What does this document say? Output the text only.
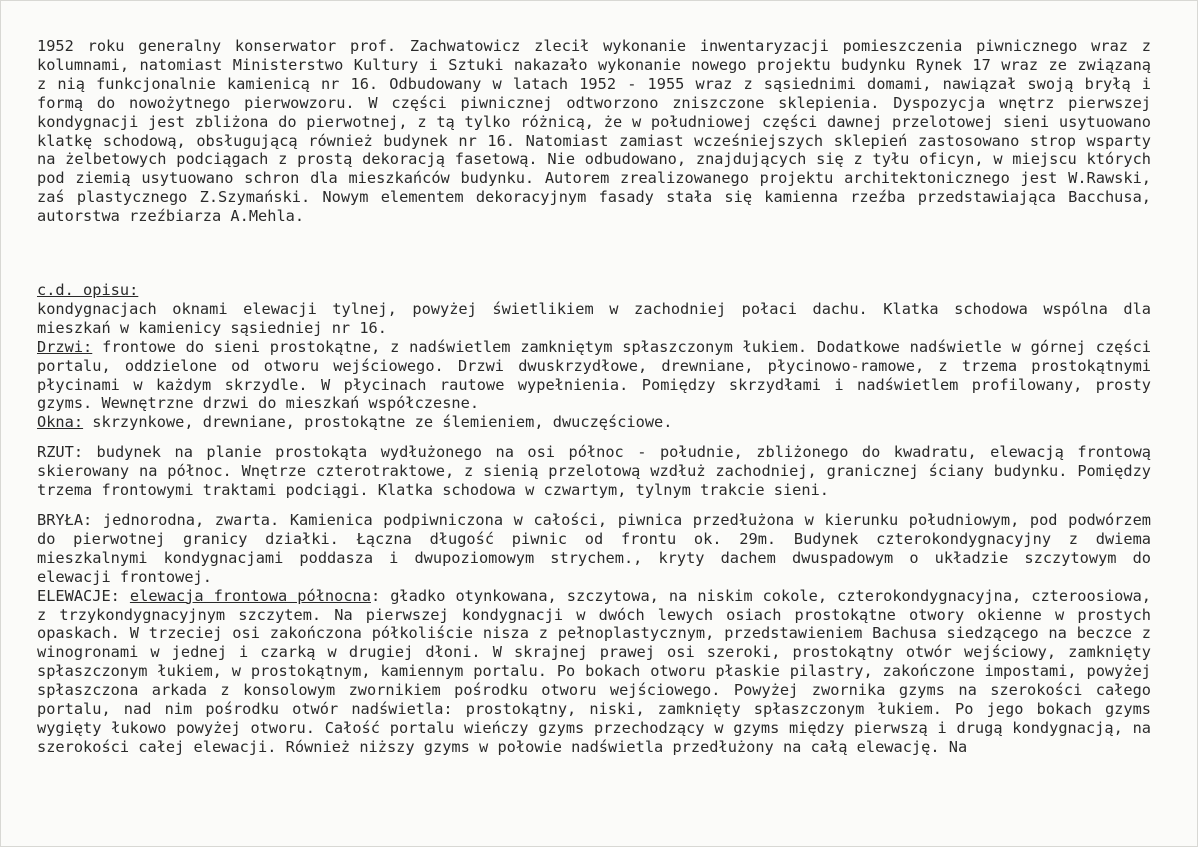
1952 roku generalny konserwator prof. Zachwatowicz zlecił wykonanie inwentaryzacji pomieszczenia piwnicznego wraz z kolumnami, natomiast Ministerstwo Kultury i Sztuki nakazało wykonanie nowego projektu budynku Rynek 17 wraz ze związaną z nią funkcjonalnie kamienicą nr 16. Odbudowany w latach 1952 - 1955 wraz z sąsiednimi domami, nawiązał swoją bryłą i formą do nowożytnego pierwowzoru. W części piwnicznej odtworzono zniszczone sklepienia. Dyspozycja wnętrz pierwszej kondygnacji jest zbliżona do pierwotnej, z tą tylko różnicą, że w południowej części dawnej przelotowej sieni usytuowano klatkę schodową, obsługującą również budynek nr 16. Natomiast zamiast wcześniejszych sklepień zastosowano strop wsparty na żelbetowych podciągach z prostą dekoracją fasetową. Nie odbudowano, znajdujących się z tyłu oficyn, w miejscu których pod ziemią usytuowano schron dla mieszkańców budynku. Autorem zrealizowanego projektu architektonicznego jest W.Rawski, zaś plastycznego Z.Szymański. Nowym elementem dekoracyjnym fasady stała się kamienna rzeźba przedstawiająca Bacchusa, autorstwa rzeźbiarza A.Mehla.

c.d. opisu:

kondygnacjach oknami elewacji tylnej, powyżej świetlikiem w zachodniej połaci dachu. Klatka schodowa wspólna dla mieszkań w kamienicy sąsiedniej nr 16.

Drzwi: frontowe do sieni prostokątne, z nadświetlem zamkniętym spłaszczonym łukiem. Dodatkowe nadświetle w górnej części portalu, oddzielone od otworu wejściowego. Drzwi dwuskrzydłowe, drewniane, płycinowo-ramowe, z trzema prostokątnymi płycinami w każdym skrzydle. W płycinach rautowe wypełnienia. Pomiędzy skrzydłami i nadświetlem profilowany, prosty gzyms. Wewnętrzne drzwi do mieszkań współczesne.

Okna: skrzynkowe, drewniane, prostokątne ze ślemieniem, dwuczęściowe.

RZUT: budynek na planie prostokąta wydłużonego na osi północ - południe, zbliżonego do kwadratu, elewacją frontową skierowany na północ. Wnętrze czterotraktowe, z sienią przelotową wzdłuż zachodniej, granicznej ściany budynku. Pomiędzy trzema frontowymi traktami podciągi. Klatka schodowa w czwartym, tylnym trakcie sieni.

BRYŁA: jednorodna, zwarta. Kamienica podpiwniczona w całości, piwnica przedłużona w kierunku południowym, pod podwórzem do pierwotnej granicy działki. Łączna długość piwnic od frontu ok. 29m. Budynek czterokondygnacyjny z dwiema mieszkalnymi kondygnacjami poddasza i dwupoziomowym strychem., kryty dachem dwuspadowym o układzie szczytowym do elewacji frontowej.

ELEWACJE: elewacja frontowa północna: gładko otynkowana, szczytowa, na niskim cokole, czterokondygnacyjna, czteroosiowa, z trzykondygnacyjnym szczytem. Na pierwszej kondygnacji w dwóch lewych osiach prostokątne otwory okienne w prostych opaskach. W trzeciej osi zakończona półkoliście nisza z pełnoplastycznym, przedstawieniem Bachusa siedzącego na beczce z winogronami w jednej i czarką w drugiej dłoni. W skrajnej prawej osi szeroki, prostokątny otwór wejściowy, zamknięty spłaszczonym łukiem, w prostokątnym, kamiennym portalu. Po bokach otworu płaskie pilastry, zakończone impostami, powyżej spłaszczona arkada z konsolowym zwornikiem pośrodku otworu wejściowego. Powyżej zwornika gzyms na szerokości całego portalu, nad nim pośrodku otwór nadświetla: prostokątny, niski, zamknięty spłaszczonym łukiem. Po jego bokach gzyms wygięty łukowo powyżej otworu. Całość portalu wieńczy gzyms przechodzący w gzyms między pierwszą i drugą kondygnacją, na szerokości całej elewacji. Również niższy gzyms w połowie nadświetla przedłużony na całą elewację. Na
